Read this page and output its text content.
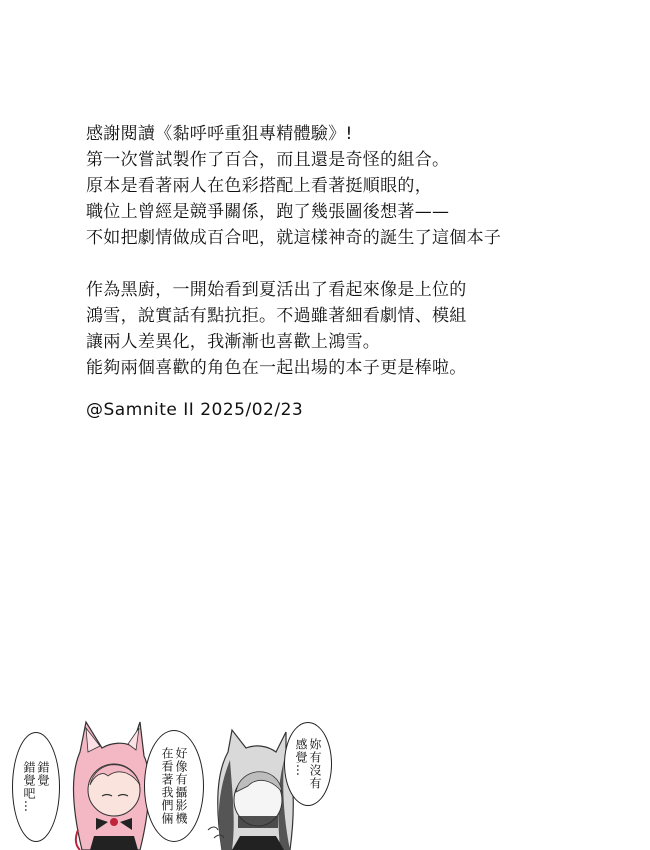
感謝閱讀《黏呼呼重狙專精體驗》!

第一次嘗試製作了百合，而且還是奇怪的組合。

原本是看著兩人在色彩搭配上看著挺順眼的，

職位上曾經是競爭關係，跑了幾張圖後想著——

不如把劇情做成百合吧，就這樣神奇的誕生了這個本子

作為黑廚，一開始看到夏活出了看起來像是上位的

鴻雪，說實話有點抗拒。不過雖著細看劇情、模組

讓兩人差異化，我漸漸也喜歡上鴻雪。

能夠兩個喜歡的角色在一起出場的本子更是棒啦。

@Samnite II 2025/02/23
錯覺
錯覺吧…	好像有攝影機
在看著我們倆	妳有沒有
感覺…
